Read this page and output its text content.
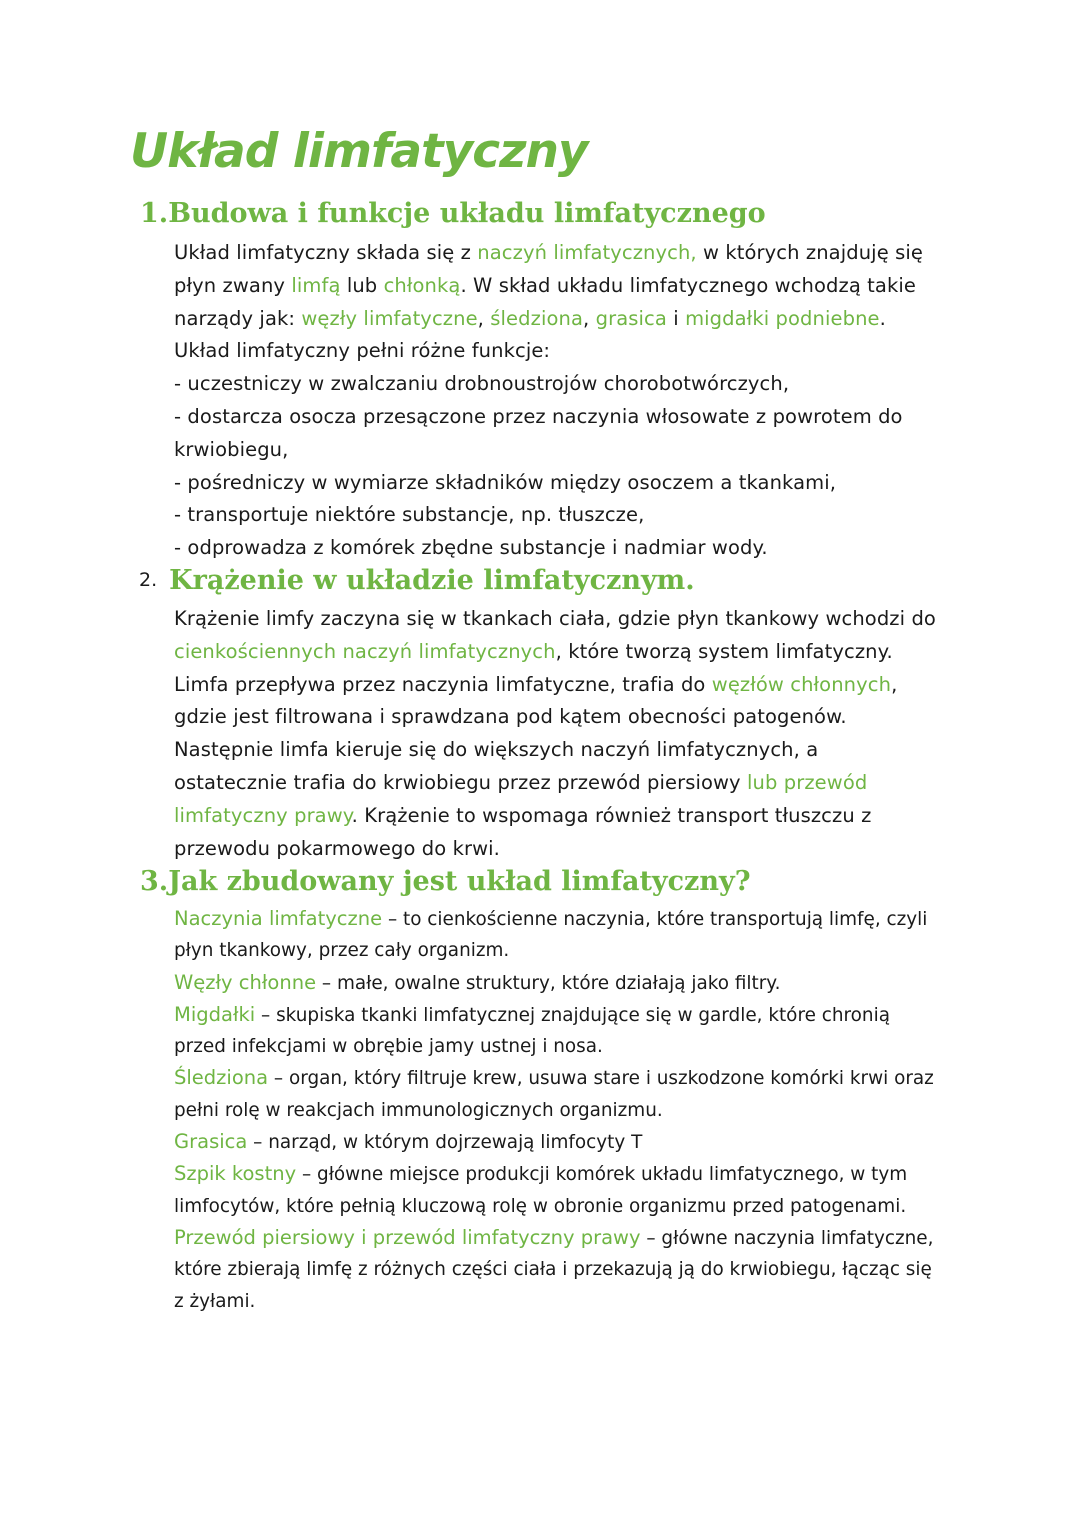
Układ limfatyczny
1.Budowa i funkcje układu limfatycznego
Układ limfatyczny składa się z naczyń limfatycznych, w których znajduję się
płyn zwany limfą lub chłonką. W skład układu limfatycznego wchodzą takie
narządy jak: węzły limfatyczne, śledziona, grasica i migdałki podniebne.
Układ limfatyczny pełni różne funkcje:
- uczestniczy w zwalczaniu drobnoustrojów chorobotwórczych,
- dostarcza osocza przesączone przez naczynia włosowate z powrotem do
krwiobiegu,
- pośredniczy w wymiarze składników między osoczem a tkankami,
- transportuje niektóre substancje, np. tłuszcze,
- odprowadza z komórek zbędne substancje i nadmiar wody.
2. Krążenie w układzie limfatycznym.
Krążenie limfy zaczyna się w tkankach ciała, gdzie płyn tkankowy wchodzi do
cienkościennych naczyń limfatycznych, które tworzą system limfatyczny.
Limfa przepływa przez naczynia limfatyczne, trafia do węzłów chłonnych,
gdzie jest filtrowana i sprawdzana pod kątem obecności patogenów.
Następnie limfa kieruje się do większych naczyń limfatycznych, a
ostatecznie trafia do krwiobiegu przez przewód piersiowy lub przewód
limfatyczny prawy. Krążenie to wspomaga również transport tłuszczu z
przewodu pokarmowego do krwi.
3.Jak zbudowany jest układ limfatyczny?
Naczynia limfatyczne – to cienkościenne naczynia, które transportują limfę, czyli
płyn tkankowy, przez cały organizm.
Węzły chłonne – małe, owalne struktury, które działają jako filtry.
Migdałki – skupiska tkanki limfatycznej znajdujące się w gardle, które chronią
przed infekcjami w obrębie jamy ustnej i nosa.
Śledziona – organ, który filtruje krew, usuwa stare i uszkodzone komórki krwi oraz
pełni rolę w reakcjach immunologicznych organizmu.
Grasica – narząd, w którym dojrzewają limfocyty T
Szpik kostny – główne miejsce produkcji komórek układu limfatycznego, w tym
limfocytów, które pełnią kluczową rolę w obronie organizmu przed patogenami.
Przewód piersiowy i przewód limfatyczny prawy – główne naczynia limfatyczne,
które zbierają limfę z różnych części ciała i przekazują ją do krwiobiegu, łącząc się
z żyłami.
